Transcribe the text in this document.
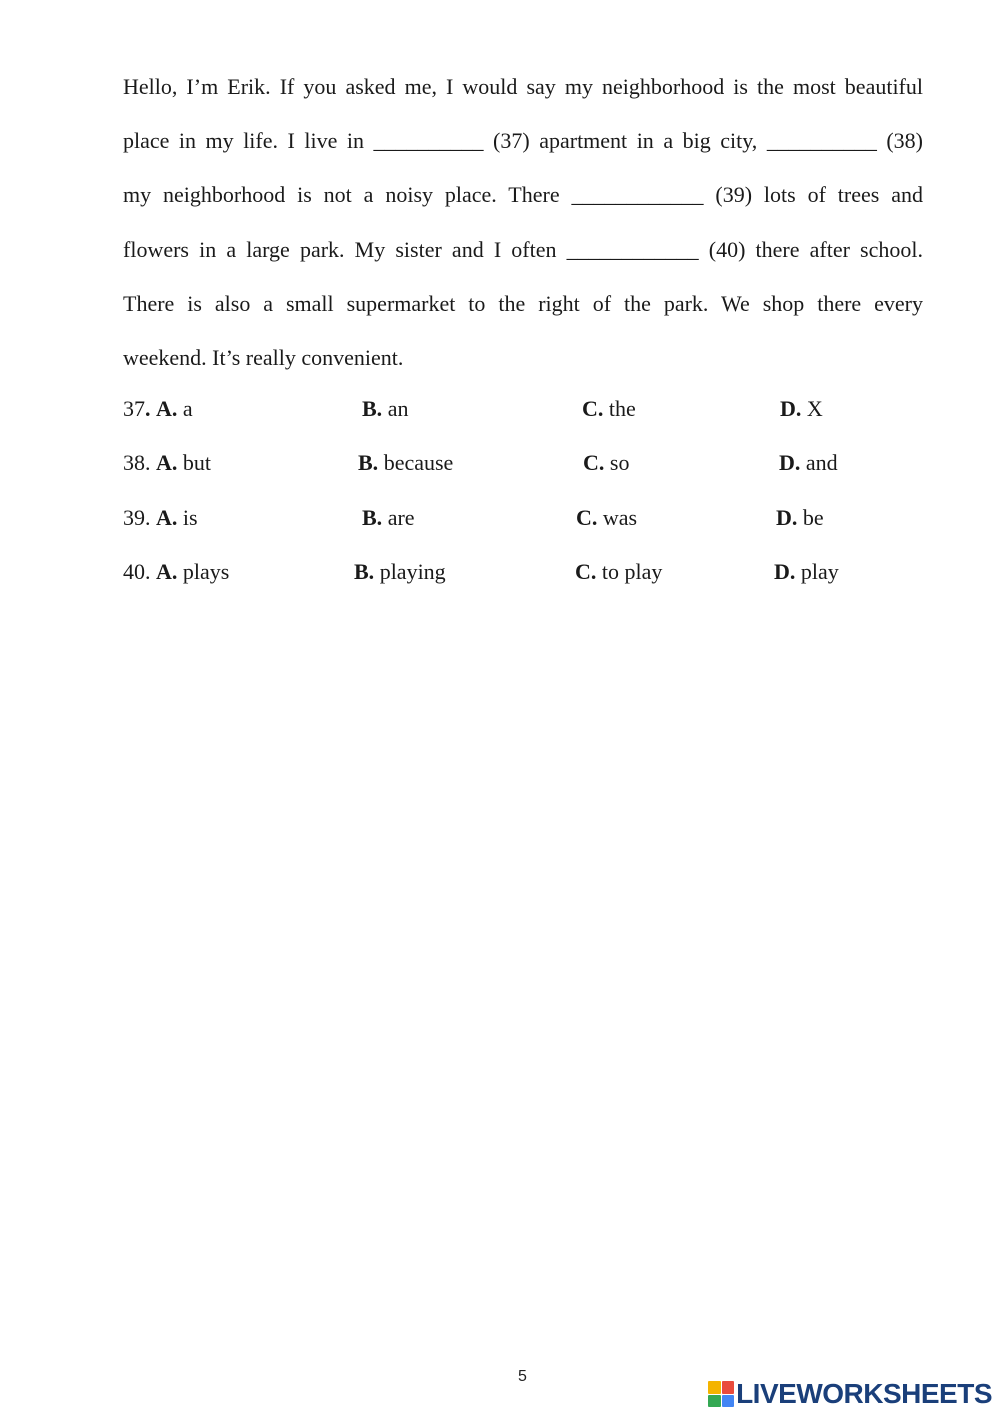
Hello, I’m Erik. If you asked me, I would say my neighborhood is the most beautiful
place in my life. I live in __________ (37) apartment in a big city, __________ (38)
my neighborhood is not a noisy place. There ____________ (39) lots of trees and
flowers in a large park. My sister and I often ____________ (40) there after school.
There is also a small supermarket to the right of the park. We shop there every
weekend. It’s really convenient.
37. A. a	B. an	C. the	D. X
38. A. but	B. because	C. so	D. and
39. A. is	B. are	C. was	D. be
40. A. plays	B. playing	C. to play	D. play
5
LIVEWORKSHEETS
